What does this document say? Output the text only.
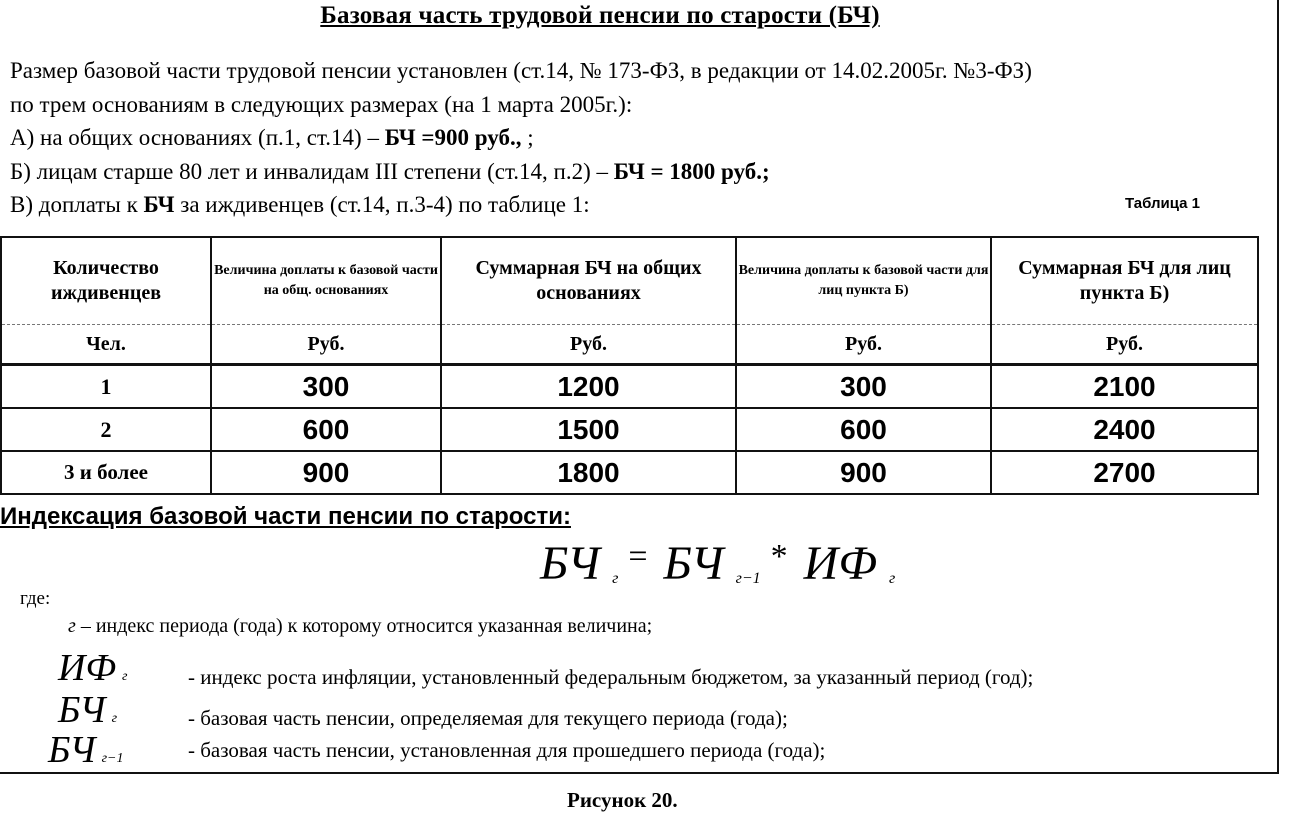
Базовая часть трудовой пенсии по старости (БЧ)

Размер базовой части трудовой пенсии установлен (ст.14, № 173-ФЗ, в редакции от 14.02.2005г. №3-ФЗ)

по трем основаниям в следующих размерах (на 1 марта 2005г.):

А) на общих основаниях (п.1, ст.14) – БЧ =900 руб., ;

Б) лицам старше 80 лет и инвалидам III степени (ст.14, п.2) – БЧ = 1800 руб.;

В) доплаты к БЧ за иждивенцев (ст.14, п.3-4) по таблице 1:	Таблица 1
Количество иждивенцев	Величина доплаты к базовой части на общ. основаниях	Суммарная БЧ на общих основаниях	Величина доплаты к базовой части для лиц пункта Б)	Суммарная БЧ для лиц пункта Б)
Чел.	Руб.	Руб.	Руб.	Руб.
1	300	1200	300	2100
2	600	1500	600	2400
3 и более	900	1800	900	2700
Индексация базовой части пенсии по старости:
БЧ $_г$= БЧ $_{г-1}$* ИФ $_г$
где:
г – индекс периода (года) к которому относится указанная величина;
ИФ г	- индекс роста инфляции, установленный федеральным бюджетом, за указанный период (год);
БЧ г	- базовая часть пенсии, определяемая для текущего периода (года);
БЧ г−1	- базовая часть пенсии, установленная для прошедшего периода (года);
Рисунок 20.
